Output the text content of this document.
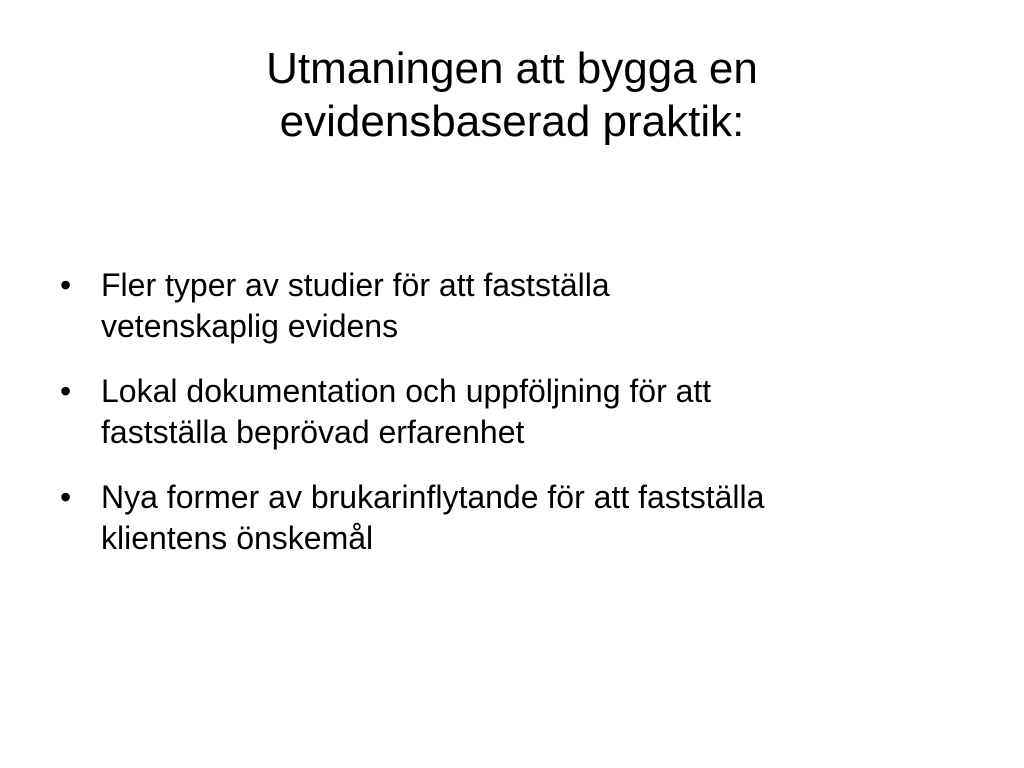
Utmaningen att bygga en
evidensbaserad praktik:
• Fler typer av studier för att fastställa
vetenskaplig evidens
• Lokal dokumentation och uppföljning för att
fastställa beprövad erfarenhet
• Nya former av brukarinflytande för att fastställa
klientens önskemål
